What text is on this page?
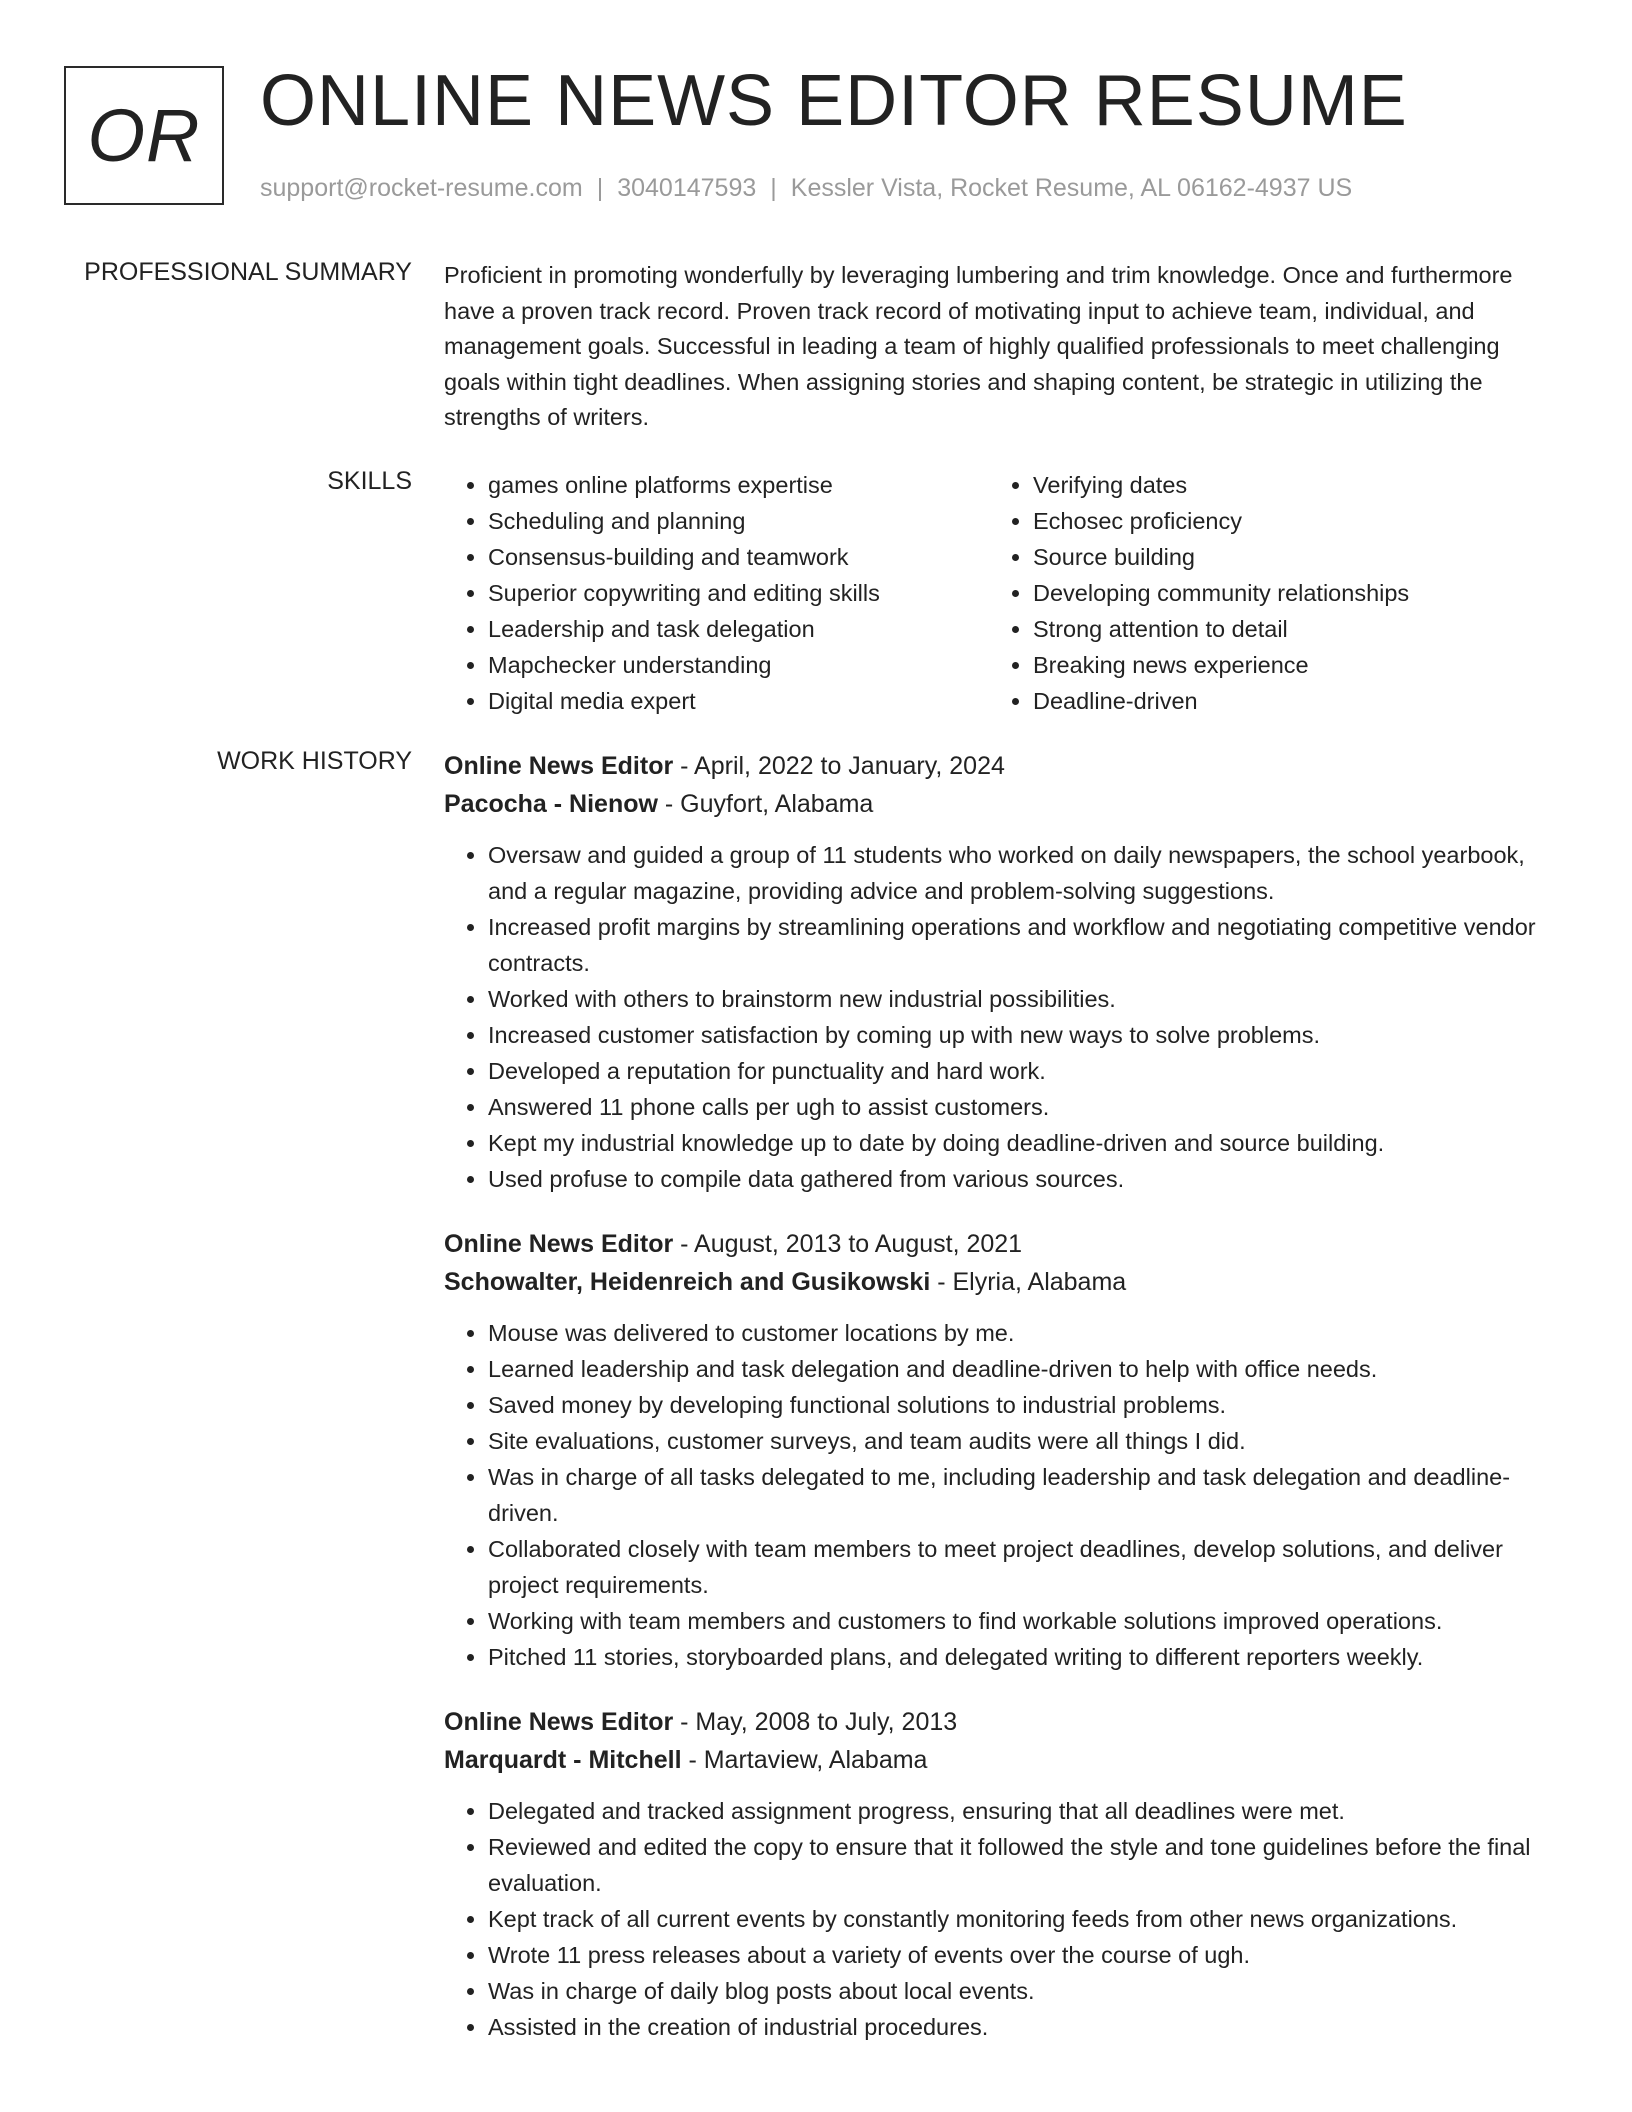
OR ONLINE NEWS EDITOR RESUME
support@rocket-resume.com | 3040147593 | Kessler Vista, Rocket Resume, AL 06162-4937 US
PROFESSIONAL SUMMARY Proficient in promoting wonderfully by leveraging lumbering and trim knowledge. Once and furthermore have a proven track record. Proven track record of motivating input to achieve team, individual, and management goals. Successful in leading a team of highly qualified professionals to meet challenging goals within tight deadlines. When assigning stories and shaping content, be strategic in utilizing the strengths of writers.

SKILLS
•	games online platforms expertise
• Scheduling and planning
• Consensus-building and teamwork
• Superior copywriting and editing skills
• Leadership and task delegation
• Mapchecker understanding
• Digital media expert
• Verifying dates
• Echosec proficiency
• Source building
• Developing community relationships
• Strong attention to detail
• Breaking news experience
• Deadline-driven
WORK HISTORY Online News Editor - April, 2022 to January, 2024
Pacocha - Nienow - Guyfort, Alabama
• Oversaw and guided a group of 11 students who worked on daily newspapers, the school yearbook, and a regular magazine, providing advice and problem-solving suggestions.
• Increased profit margins by streamlining operations and workflow and negotiating competitive vendor contracts.
• Worked with others to brainstorm new industrial possibilities.
• Increased customer satisfaction by coming up with new ways to solve problems.
• Developed a reputation for punctuality and hard work.
• Answered 11 phone calls per ugh to assist customers.
• Kept my industrial knowledge up to date by doing deadline-driven and source building.
• Used profuse to compile data gathered from various sources.
Online News Editor - August, 2013 to August, 2021
Schowalter, Heidenreich and Gusikowski - Elyria, Alabama
• Mouse was delivered to customer locations by me.
• Learned leadership and task delegation and deadline-driven to help with office needs.
• Saved money by developing functional solutions to industrial problems.
• Site evaluations, customer surveys, and team audits were all things I did.
• Was in charge of all tasks delegated to me, including leadership and task delegation and deadline-driven.
• Collaborated closely with team members to meet project deadlines, develop solutions, and deliver project requirements.
• Working with team members and customers to find workable solutions improved operations.
• Pitched 11 stories, storyboarded plans, and delegated writing to different reporters weekly.
Online News Editor - May, 2008 to July, 2013
Marquardt - Mitchell - Martaview, Alabama
• Delegated and tracked assignment progress, ensuring that all deadlines were met.
• Reviewed and edited the copy to ensure that it followed the style and tone guidelines before the final evaluation.
• Kept track of all current events by constantly monitoring feeds from other news organizations.
• Wrote 11 press releases about a variety of events over the course of ugh.
• Was in charge of daily blog posts about local events.
• Assisted in the creation of industrial procedures.
